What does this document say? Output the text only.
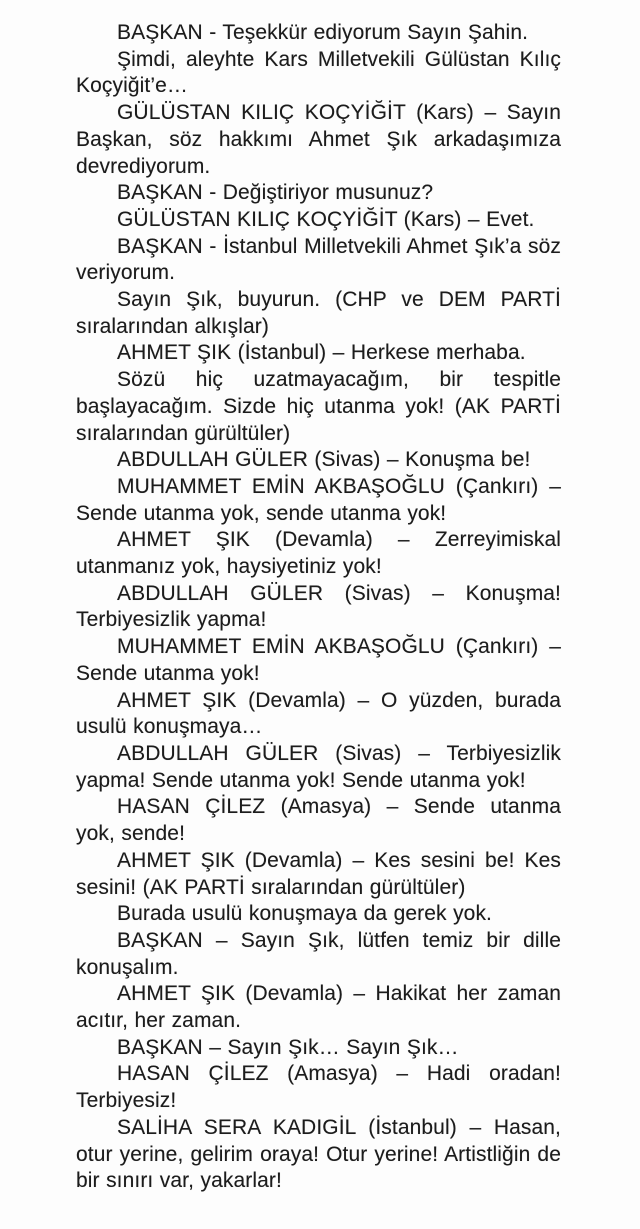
BAŞKAN - Teşekkür ediyorum Sayın Şahin.

Şimdi, aleyhte Kars Milletvekili Gülüstan Kılıç Koçyiğit’e…

GÜLÜSTAN KILIÇ KOÇYİĞİT (Kars) – Sayın Başkan, söz hakkımı Ahmet Şık arkadaşımıza devrediyorum.

BAŞKAN - Değiştiriyor musunuz?

GÜLÜSTAN KILIÇ KOÇYİĞİT (Kars) – Evet.

BAŞKAN - İstanbul Milletvekili Ahmet Şık’a söz veriyorum.

Sayın Şık, buyurun. (CHP ve DEM PARTİ sıralarından alkışlar)

AHMET ŞIK (İstanbul) – Herkese merhaba.

Sözü hiç uzatmayacağım, bir tespitle başlayacağım. Sizde hiç utanma yok! (AK PARTİ sıralarından gürültüler)

ABDULLAH GÜLER (Sivas) – Konuşma be!

MUHAMMET EMİN AKBAŞOĞLU (Çankırı) – Sende utanma yok, sende utanma yok!

AHMET ŞIK (Devamla) – Zerreyimiskal utanmanız yok, haysiyetiniz yok!

ABDULLAH GÜLER (Sivas) – Konuşma! Terbiyesizlik yapma!

MUHAMMET EMİN AKBAŞOĞLU (Çankırı) – Sende utanma yok!

AHMET ŞIK (Devamla) – O yüzden, burada usulü konuşmaya…

ABDULLAH GÜLER (Sivas) – Terbiyesizlik yapma! Sende utanma yok! Sende utanma yok!

HASAN ÇİLEZ (Amasya) – Sende utanma yok, sende!

AHMET ŞIK (Devamla) – Kes sesini be! Kes sesini! (AK PARTİ sıralarından gürültüler)

Burada usulü konuşmaya da gerek yok.

BAŞKAN – Sayın Şık, lütfen temiz bir dille konuşalım.

AHMET ŞIK (Devamla) – Hakikat her zaman acıtır, her zaman.

BAŞKAN – Sayın Şık… Sayın Şık…

HASAN ÇİLEZ (Amasya) – Hadi oradan! Terbiyesiz!

SALİHA SERA KADIGİL (İstanbul) – Hasan, otur yerine, gelirim oraya! Otur yerine! Artistliğin de bir sınırı var, yakarlar!
